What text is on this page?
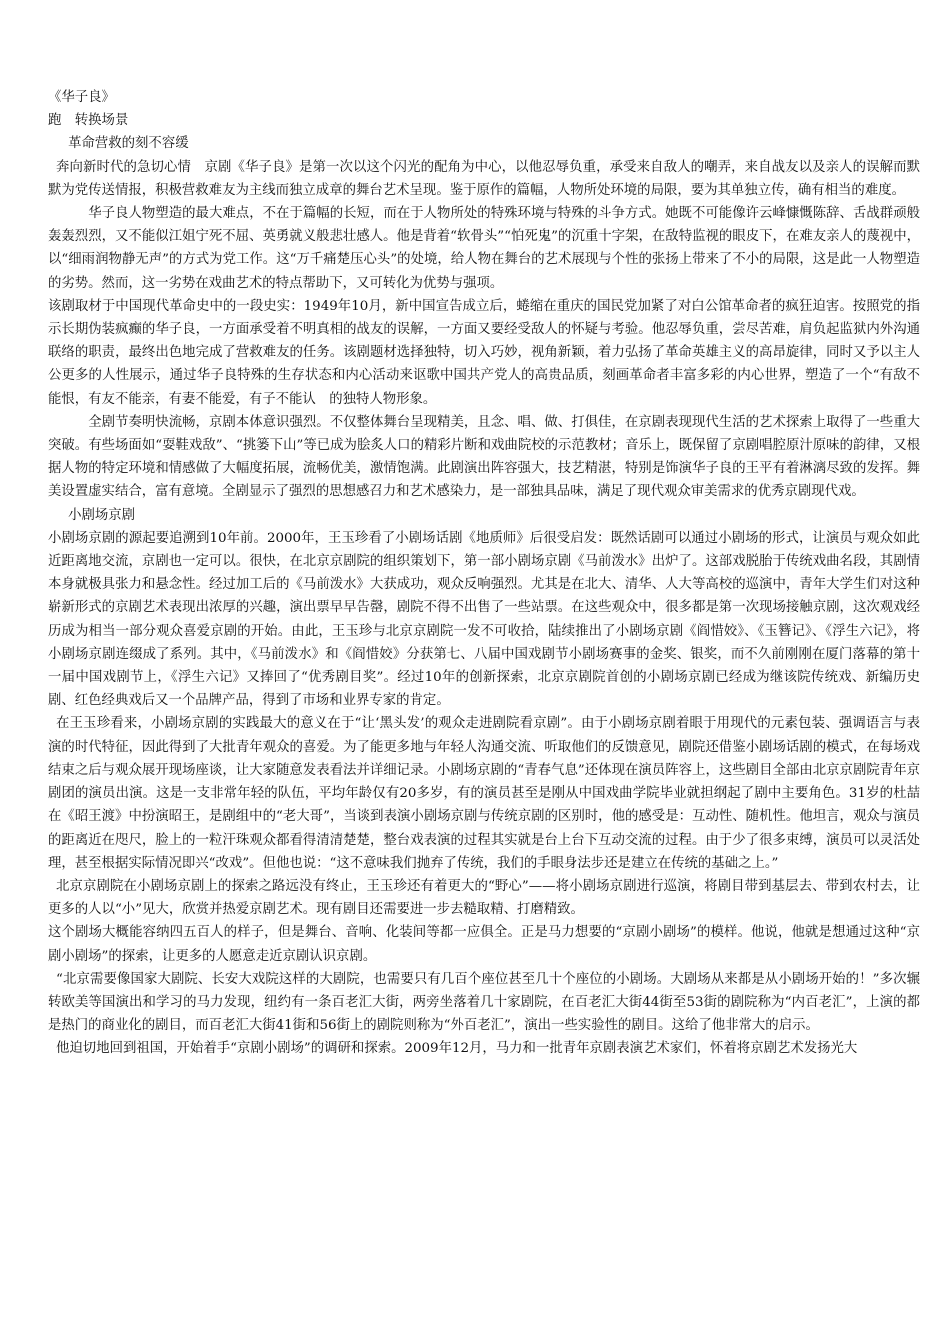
《华子良》

跑　转换场景

革命营救的刻不容缓

奔向新时代的急切心情　京剧《华子良》是第一次以这个闪光的配角为中心，以他忍辱负重，承受来自敌人的嘲弄，来自战友以及亲人的误解而默默为党传送情报，积极营救难友为主线而独立成章的舞台艺术呈现。鉴于原作的篇幅，人物所处环境的局限，要为其单独立传，确有相当的难度。

华子良人物塑造的最大难点，不在于篇幅的长短，而在于人物所处的特殊环境与特殊的斗争方式。她既不可能像许云峰慷慨陈辞、舌战群顽般轰轰烈烈，又不能似江姐宁死不屈、英勇就义般悲壮感人。他是背着“软骨头”“怕死鬼”的沉重十字架，在敌特监视的眼皮下，在难友亲人的蔑视中，以“细雨润物静无声”的方式为党工作。这“万千痛楚压心头”的处境，给人物在舞台的艺术展现与个性的张扬上带来了不小的局限，这是此一人物塑造的劣势。然而，这一劣势在戏曲艺术的特点帮助下，又可转化为优势与强项。

该剧取材于中国现代革命史中的一段史实：1949年10月，新中国宣告成立后，蜷缩在重庆的国民党加紧了对白公馆革命者的疯狂迫害。按照党的指示长期伪装疯癫的华子良，一方面承受着不明真相的战友的误解，一方面又要经受敌人的怀疑与考验。他忍辱负重，尝尽苦难，肩负起监狱内外沟通联络的职责，最终出色地完成了营救难友的任务。该剧题材选择独特，切入巧妙，视角新颖，着力弘扬了革命英雄主义的高昂旋律，同时又予以主人公更多的人性展示，通过华子良特殊的生存状态和内心活动来讴歌中国共产党人的高贵品质，刻画革命者丰富多彩的内心世界，塑造了一个“有敌不能恨，有友不能亲，有妻不能爱，有子不能认　的独特人物形象。

全剧节奏明快流畅，京剧本体意识强烈。不仅整体舞台呈现精美，且念、唱、做、打俱佳，在京剧表现现代生活的艺术探索上取得了一些重大突破。有些场面如“耍鞋戏敌”、“挑篓下山”等已成为脍炙人口的精彩片断和戏曲院校的示范教材；音乐上，既保留了京剧唱腔原汁原味的韵律，又根据人物的特定环境和情感做了大幅度拓展，流畅优美，激情饱满。此剧演出阵容强大，技艺精湛，特别是饰演华子良的王平有着淋漓尽致的发挥。舞美设置虚实结合，富有意境。全剧显示了强烈的思想感召力和艺术感染力，是一部独具品味，满足了现代观众审美需求的优秀京剧现代戏。

小剧场京剧

小剧场京剧的源起要追溯到10年前。2000年，王玉珍看了小剧场话剧《地质师》后很受启发：既然话剧可以通过小剧场的形式，让演员与观众如此近距离地交流，京剧也一定可以。很快，在北京京剧院的组织策划下，第一部小剧场京剧《马前泼水》出炉了。这部戏脱胎于传统戏曲名段，其剧情本身就极具张力和悬念性。经过加工后的《马前泼水》大获成功，观众反响强烈。尤其是在北大、清华、人大等高校的巡演中，青年大学生们对这种崭新形式的京剧艺术表现出浓厚的兴趣，演出票早早告罄，剧院不得不出售了一些站票。在这些观众中，很多都是第一次现场接触京剧，这次观戏经历成为相当一部分观众喜爱京剧的开始。由此，王玉珍与北京京剧院一发不可收拾，陆续推出了小剧场京剧《阎惜姣》、《玉簪记》、《浮生六记》，将小剧场京剧连缀成了系列。其中，《马前泼水》和《阎惜姣》分获第七、八届中国戏剧节小剧场赛事的金奖、银奖，而不久前刚刚在厦门落幕的第十一届中国戏剧节上，《浮生六记》又捧回了“优秀剧目奖”。经过10年的创新探索，北京京剧院首创的小剧场京剧已经成为继该院传统戏、新编历史剧、红色经典戏后又一个品牌产品，得到了市场和业界专家的肯定。

在王玉珍看来，小剧场京剧的实践最大的意义在于“让‘黑头发’的观众走进剧院看京剧”。由于小剧场京剧着眼于用现代的元素包装、强调语言与表演的时代特征，因此得到了大批青年观众的喜爱。为了能更多地与年轻人沟通交流、听取他们的反馈意见，剧院还借鉴小剧场话剧的模式，在每场戏结束之后与观众展开现场座谈，让大家随意发表看法并详细记录。小剧场京剧的“青春气息”还体现在演员阵容上，这些剧目全部由北京京剧院青年京剧团的演员出演。这是一支非常年轻的队伍，平均年龄仅有20多岁，有的演员甚至是刚从中国戏曲学院毕业就担纲起了剧中主要角色。31岁的杜喆在《昭王渡》中扮演昭王，是剧组中的“老大哥”，当谈到表演小剧场京剧与传统京剧的区别时，他的感受是：互动性、随机性。他坦言，观众与演员的距离近在咫尺，脸上的一粒汗珠观众都看得清清楚楚，整台戏表演的过程其实就是台上台下互动交流的过程。由于少了很多束缚，演员可以灵活处理，甚至根据实际情况即兴“改戏”。但他也说：“这不意味我们抛弃了传统，我们的手眼身法步还是建立在传统的基础之上。”

北京京剧院在小剧场京剧上的探索之路远没有终止，王玉珍还有着更大的“野心”——将小剧场京剧进行巡演，将剧目带到基层去、带到农村去，让更多的人以“小”见大，欣赏并热爱京剧艺术。现有剧目还需要进一步去糙取精、打磨精致。

这个剧场大概能容纳四五百人的样子，但是舞台、音响、化装间等都一应俱全。正是马力想要的“京剧小剧场”的模样。他说，他就是想通过这种“京剧小剧场”的探索，让更多的人愿意走近京剧认识京剧。

“北京需要像国家大剧院、长安大戏院这样的大剧院，也需要只有几百个座位甚至几十个座位的小剧场。大剧场从来都是从小剧场开始的！”多次辗转欧美等国演出和学习的马力发现，纽约有一条百老汇大街，两旁坐落着几十家剧院，在百老汇大街44街至53街的剧院称为“内百老汇”，上演的都是热门的商业化的剧目，而百老汇大街41街和56街上的剧院则称为“外百老汇”，演出一些实验性的剧目。这给了他非常大的启示。

他迫切地回到祖国，开始着手“京剧小剧场”的调研和探索。2009年12月，马力和一批青年京剧表演艺术家们，怀着将京剧艺术发扬光大
